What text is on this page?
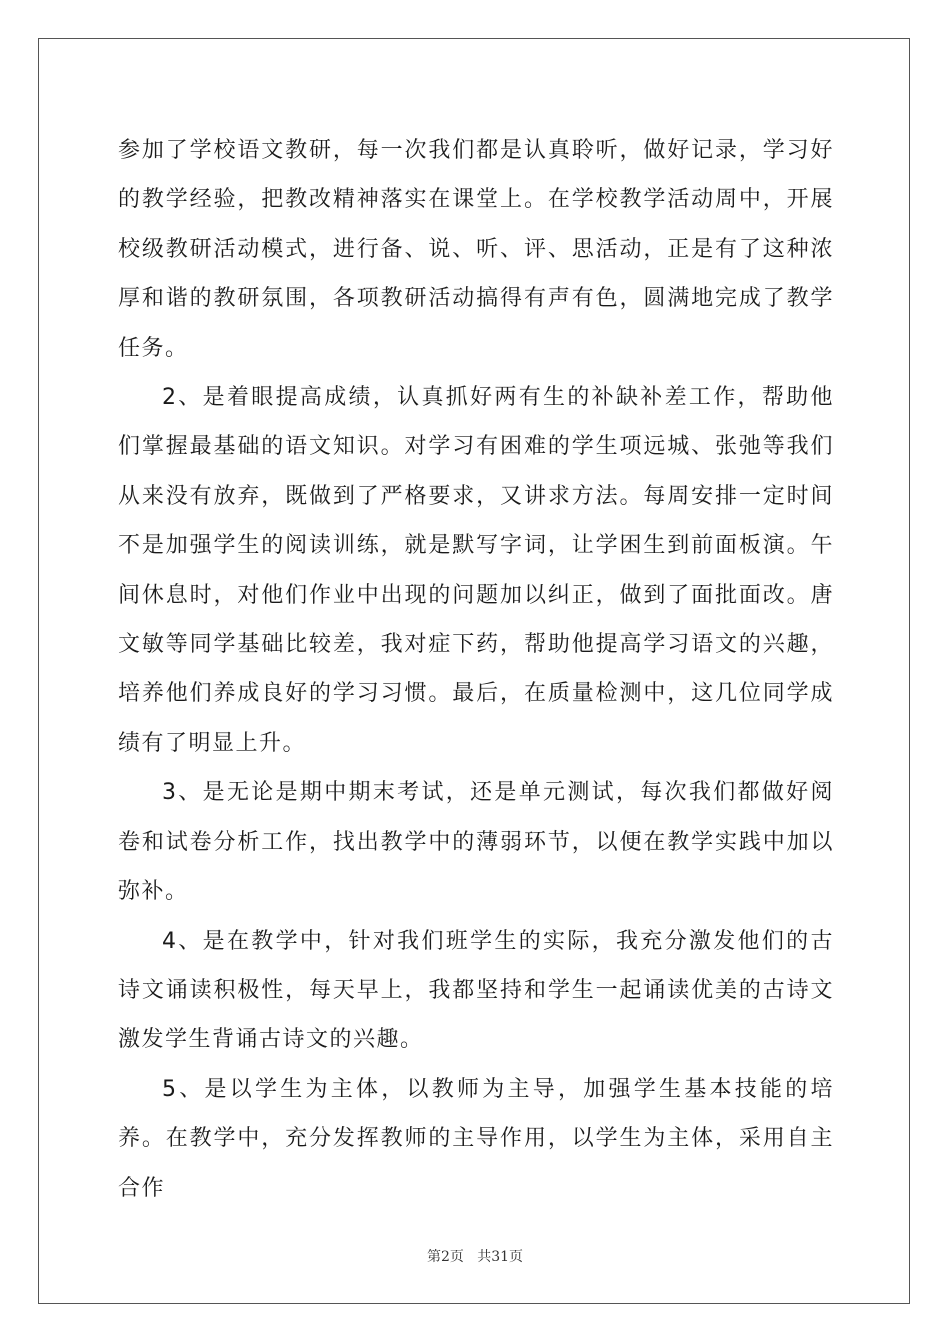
参加了学校语文教研，每一次我们都是认真聆听，做好记录，学习好的教学经验，把教改精神落实在课堂上。在学校教学活动周中，开展校级教研活动模式，进行备、说、听、评、思活动，正是有了这种浓厚和谐的教研氛围，各项教研活动搞得有声有色，圆满地完成了教学任务。

2、是着眼提高成绩，认真抓好两有生的补缺补差工作，帮助他们掌握最基础的语文知识。对学习有困难的学生项远城、张弛等我们从来没有放弃，既做到了严格要求，又讲求方法。每周安排一定时间不是加强学生的阅读训练，就是默写字词，让学困生到前面板演。午间休息时，对他们作业中出现的问题加以纠正，做到了面批面改。唐文敏等同学基础比较差，我对症下药，帮助他提高学习语文的兴趣，培养他们养成良好的学习习惯。最后，在质量检测中，这几位同学成绩有了明显上升。

3、是无论是期中期末考试，还是单元测试，每次我们都做好阅卷和试卷分析工作，找出教学中的薄弱环节，以便在教学实践中加以弥补。

4、是在教学中，针对我们班学生的实际，我充分激发他们的古诗文诵读积极性，每天早上，我都坚持和学生一起诵读优美的古诗文激发学生背诵古诗文的兴趣。

5、是以学生为主体，以教师为主导，加强学生基本技能的培养。在教学中，充分发挥教师的主导作用，以学生为主体，采用自主合作

第2页   共31页
